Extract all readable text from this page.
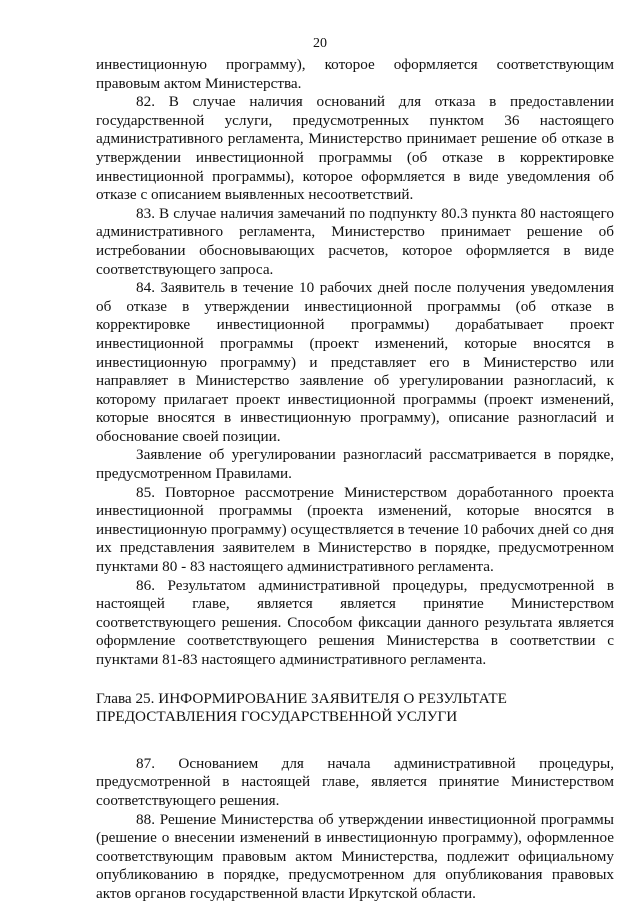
20

инвестиционную программу), которое оформляется соответствующим правовым актом Министерства.

82. В случае наличия оснований для отказа в предоставлении государственной услуги, предусмотренных пунктом 36 настоящего административного регламента, Министерство принимает решение об отказе в утверждении инвестиционной программы (об отказе в корректировке инвестиционной программы), которое оформляется в виде уведомления об отказе с описанием выявленных несоответствий.

83. В случае наличия замечаний по подпункту 80.3 пункта 80 настоящего административного регламента, Министерство принимает решение об истребовании обосновывающих расчетов, которое оформляется в виде соответствующего запроса.

84. Заявитель в течение 10 рабочих дней после получения уведомления об отказе в утверждении инвестиционной программы (об отказе в корректировке инвестиционной программы) дорабатывает проект инвестиционной программы (проект изменений, которые вносятся в инвестиционную программу) и представляет его в Министерство или направляет в Министерство заявление об урегулировании разногласий, к которому прилагает проект инвестиционной программы (проект изменений, которые вносятся в инвестиционную программу), описание разногласий и обоснование своей позиции.

Заявление об урегулировании разногласий рассматривается в порядке, предусмотренном Правилами.

85. Повторное рассмотрение Министерством доработанного проекта инвестиционной программы (проекта изменений, которые вносятся в инвестиционную программу) осуществляется в течение 10 рабочих дней со дня их представления заявителем в Министерство в порядке, предусмотренном пунктами 80 - 83 настоящего административного регламента.

86. Результатом административной процедуры, предусмотренной в настоящей главе, является является принятие Министерством соответствующего решения. Способом фиксации данного результата является оформление соответствующего решения Министерства в соответствии с пунктами 81-83 настоящего административного регламента.

Глава 25. ИНФОРМИРОВАНИЕ ЗАЯВИТЕЛЯ О РЕЗУЛЬТАТЕ
ПРЕДОСТАВЛЕНИЯ ГОСУДАРСТВЕННОЙ УСЛУГИ

87. Основанием для начала административной процедуры, предусмотренной в настоящей главе, является принятие Министерством соответствующего решения.

88. Решение Министерства об утверждении инвестиционной программы (решение о внесении изменений в инвестиционную программу), оформленное соответствующим правовым актом Министерства, подлежит официальному опубликованию в порядке, предусмотренном для опубликования правовых актов органов государственной власти Иркутской области.
